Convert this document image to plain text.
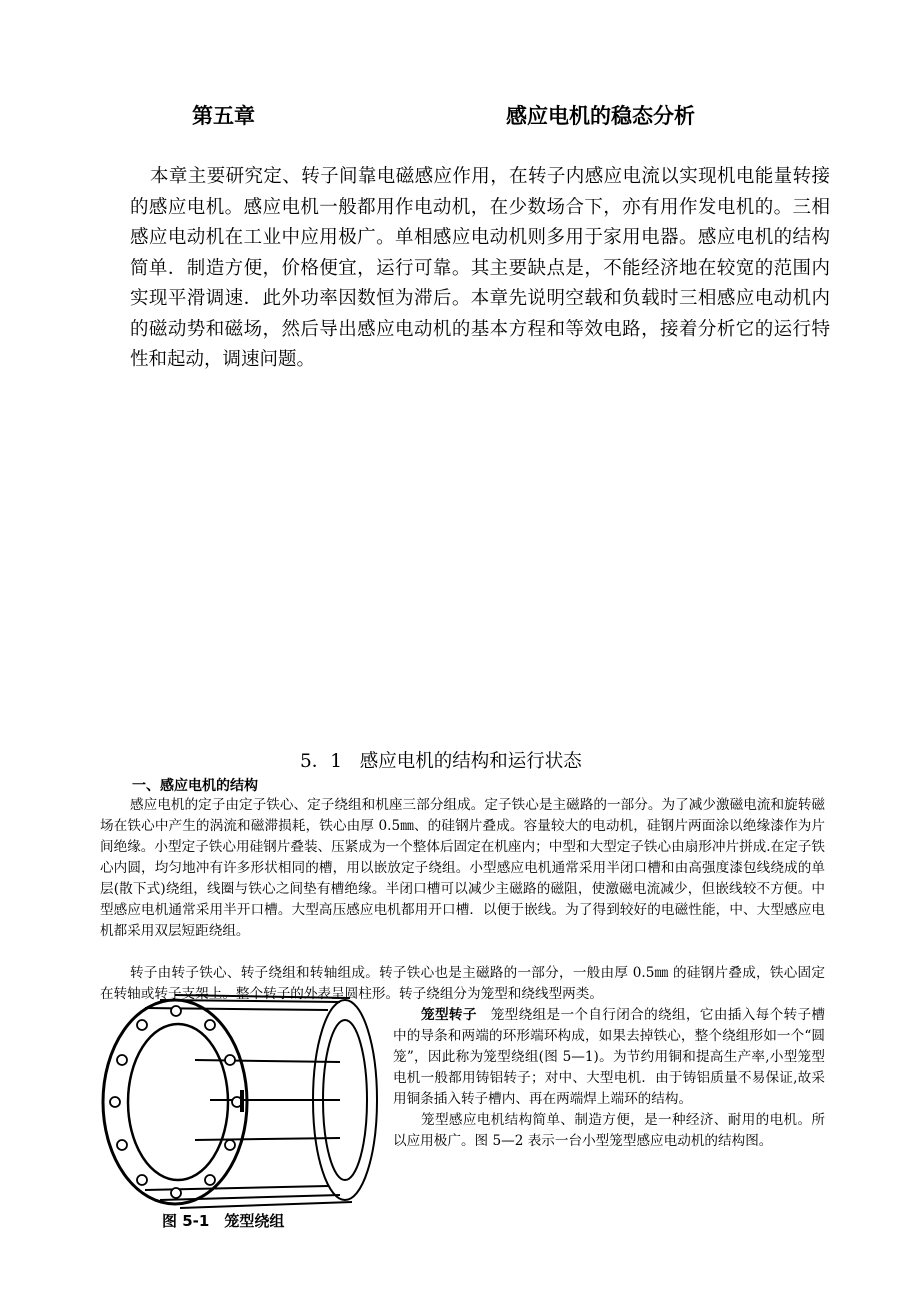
第五章	感应电机的稳态分析
本章主要研究定、转子间靠电磁感应作用，在转子内感应电流以实现机电能量转接的感应电机。感应电机一般都用作电动机，在少数场合下，亦有用作发电机的。三相感应电动机在工业中应用极广。单相感应电动机则多用于家用电器。感应电机的结构简单．制造方便，价格便宜，运行可靠。其主要缺点是，不能经济地在较宽的范围内实现平滑调速．此外功率因数恒为滞后。本章先说明空载和负载时三相感应电动机内的磁动势和磁场，然后导出感应电动机的基本方程和等效电路，接着分析它的运行特性和起动，调速问题。
5．1 感应电机的结构和运行状态
一、感应电机的结构
感应电机的定子由定子铁心、定子绕组和机座三部分组成。定子铁心是主磁路的一部分。为了减少激磁电流和旋转磁场在铁心中产生的涡流和磁滞损耗，铁心由厚 0.5㎜、的硅钢片叠成。容量较大的电动机，硅钢片两面涂以绝缘漆作为片间绝缘。小型定子铁心用硅钢片叠装、压紧成为一个整体后固定在机座内；中型和大型定子铁心由扇形冲片拼成.在定子铁心内圆，均匀地冲有许多形状相同的槽，用以嵌放定子绕组。小型感应电机通常采用半闭口槽和由高强度漆包线绕成的单层(散下式)绕组，线圈与铁心之间垫有槽绝缘。半闭口槽可以减少主磁路的磁阻，使激磁电流减少，但嵌线较不方便。中型感应电机通常采用半开口槽。大型高压感应电机都用开口槽．以便于嵌线。为了得到较好的电磁性能，中、大型感应电机都采用双层短距绕组。
转子由转子铁心、转子绕组和转轴组成。转子铁心也是主磁路的一部分，一般由厚 0.5㎜ 的硅钢片叠成，铁心固定在转轴或转子支架上。整个转子的外表呈圆柱形。转子绕组分为笼型和绕线型两类。

笼型转子　 笼型绕组是一个自行闭合的绕组，它由插入每个转子槽中的导条和两端的环形端环构成，如果去掉铁心，整个绕组形如一个“圆笼”，因此称为笼型绕组(图 5—1)。为节约用铜和提高生产率,小型笼型电机一般都用铸铝转子；对中、大型电机．由于铸铝质量不易保证,故采用铜条插入转子槽内、再在两端焊上端环的结构。

笼型感应电机结构简单、制造方便，是一种经济、耐用的电机。所以应用极广。图 5—2 表示一台小型笼型感应电动机的结构图。

图 5-1　笼型绕组
